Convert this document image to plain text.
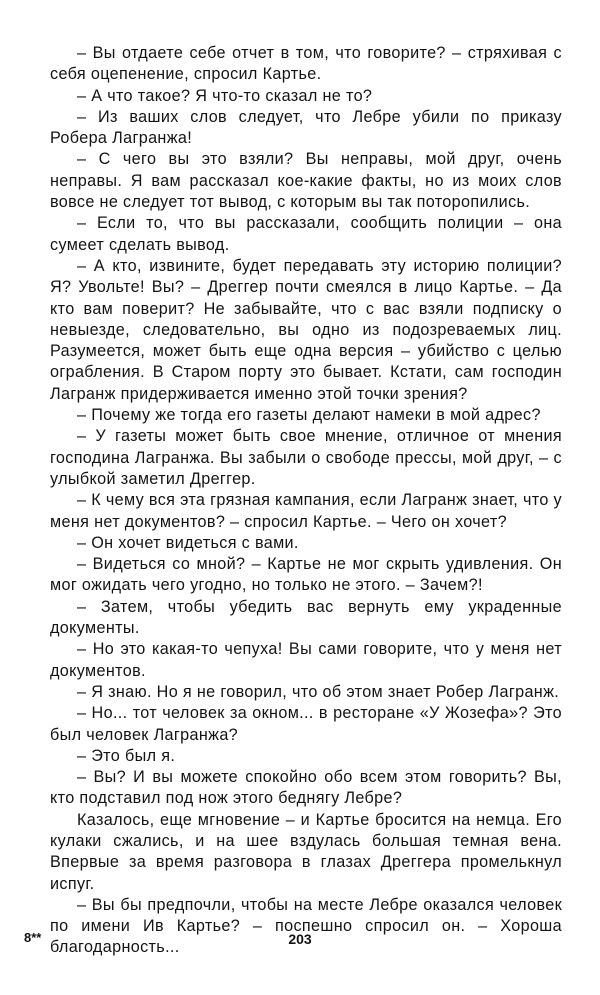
– Вы отдаете себе отчет в том, что говорите? – стряхивая с себя оцепенение, спросил Картье.

– А что такое? Я что-то сказал не то?

– Из ваших слов следует, что Лебре убили по приказу Робера Лагранжа!

– С чего вы это взяли? Вы неправы, мой друг, очень неправы. Я вам рассказал кое-какие факты, но из моих слов вовсе не следует тот вывод, с которым вы так поторопились.

– Если то, что вы рассказали, сообщить полиции – она сумеет сделать вывод.

– А кто, извините, будет передавать эту историю полиции? Я? Увольте! Вы? – Дреггер почти смеялся в лицо Картье. – Да кто вам поверит? Не забывайте, что с вас взяли подписку о невыезде, следовательно, вы одно из подозреваемых лиц. Разумеется, может быть еще одна версия – убийство с целью ограбления. В Старом порту это бывает. Кстати, сам господин Лагранж придерживается именно этой точки зрения?

– Почему же тогда его газеты делают намеки в мой адрес?

– У газеты может быть свое мнение, отличное от мнения господина Лагранжа. Вы забыли о свободе прессы, мой друг, – с улыбкой заметил Дреггер.

– К чему вся эта грязная кампания, если Лагранж знает, что у меня нет документов? – спросил Картье. – Чего он хочет?

– Он хочет видеться с вами.

– Видеться со мной? – Картье не мог скрыть удивления. Он мог ожидать чего угодно, но только не этого. – Зачем?!

– Затем, чтобы убедить вас вернуть ему украденные документы.

– Но это какая-то чепуха! Вы сами говорите, что у меня нет документов.

– Я знаю. Но я не говорил, что об этом знает Робер Лагранж.

– Но... тот человек за окном... в ресторане «У Жозефа»? Это был человек Лагранжа?

– Это был я.

– Вы? И вы можете спокойно обо всем этом говорить? Вы, кто подставил под нож этого беднягу Лебре?

Казалось, еще мгновение – и Картье бросится на немца. Его кулаки сжались, и на шее вздулась большая темная вена. Впервые за время разговора в глазах Дреггера промелькнул испуг.

– Вы бы предпочли, чтобы на месте Лебре оказался человек по имени Ив Картье? – поспешно спросил он. – Хороша благодарность...

8**	203
